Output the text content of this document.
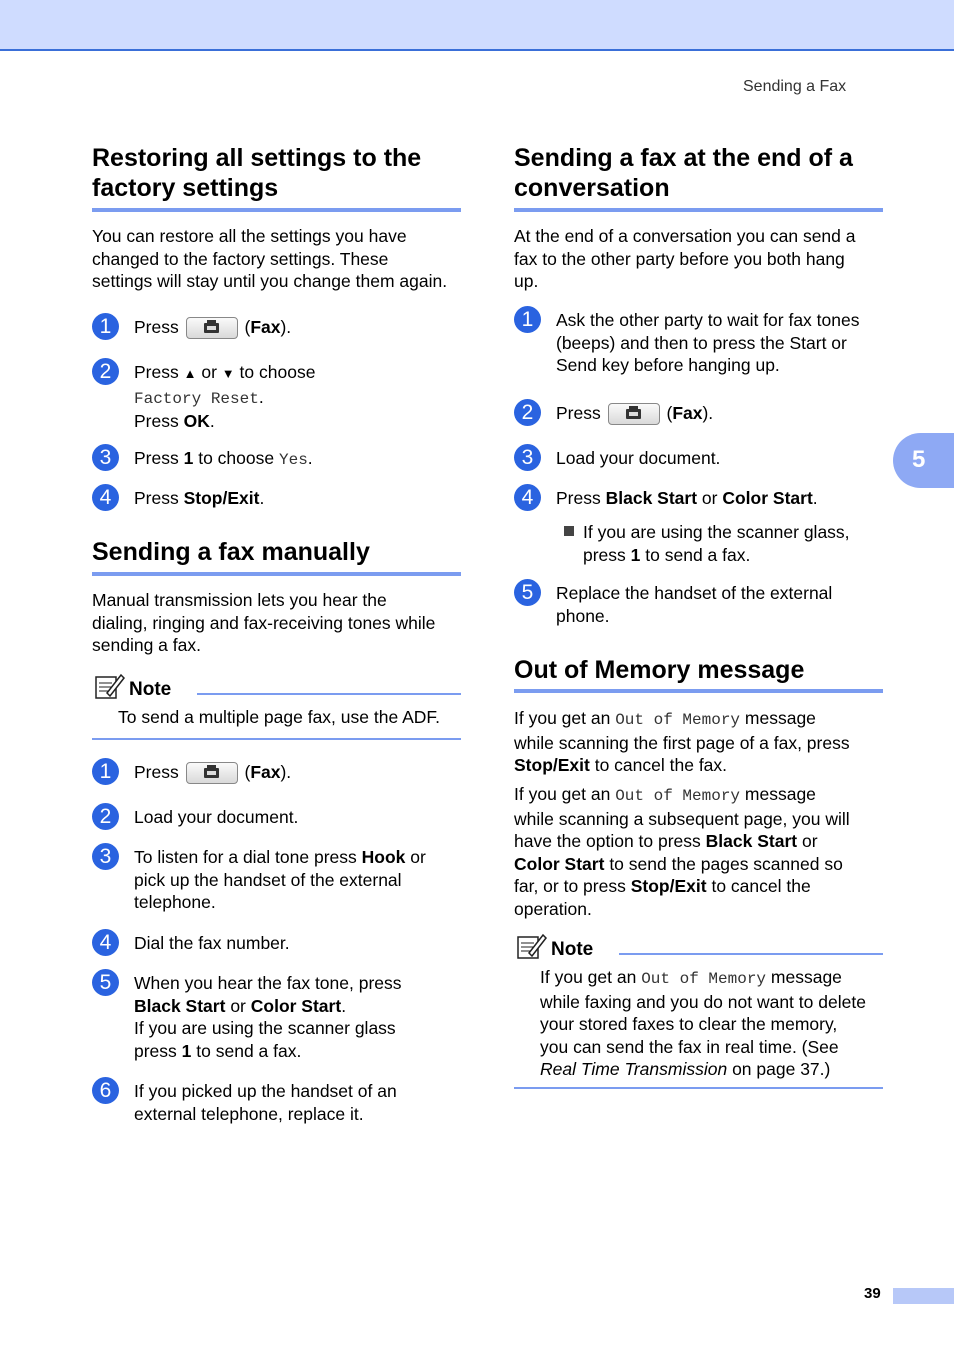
Sending a Fax
5
Restoring all settings to the
factory settings

You can restore all the settings you have
changed to the factory settings. These
settings will stay until you change them again.

1	Press	(Fax).
2	Press ▲ or ▼ to choose
Factory Reset.
Press OK.
3	Press 1 to choose Yes.
4	Press Stop/Exit.
Sending a fax manually

Manual transmission lets you hear the
dialing, ringing and fax-receiving tones while
sending a fax.

Note
To send a multiple page fax, use the ADF.
1	Press	(Fax).
2	Load your document.
3	To listen for a dial tone press Hook or
pick up the handset of the external
telephone.
4	Dial the fax number.
5	When you hear the fax tone, press
Black Start or Color Start.
If you are using the scanner glass
press 1 to send a fax.
6	If you picked up the handset of an
external telephone, replace it.
Sending a fax at the end of a
conversation

At the end of a conversation you can send a
fax to the other party before you both hang
up.

1	Ask the other party to wait for fax tones
(beeps) and then to press the Start or
Send key before hanging up.
2	Press	(Fax).
3	Load your document.
4	Press Black Start or Color Start.
If you are using the scanner glass,
press 1 to send a fax.
5	Replace the handset of the external
phone.
Out of Memory message

If you get an Out of Memory message
while scanning the first page of a fax, press
Stop/Exit to cancel the fax.

If you get an Out of Memory message
while scanning a subsequent page, you will
have the option to press Black Start or
Color Start to send the pages scanned so
far, or to press Stop/Exit to cancel the
operation.

Note

If you get an Out of Memory message
while faxing and you do not want to delete
your stored faxes to clear the memory,
you can send the fax in real time. (See
Real Time Transmission on page 37.)

39
